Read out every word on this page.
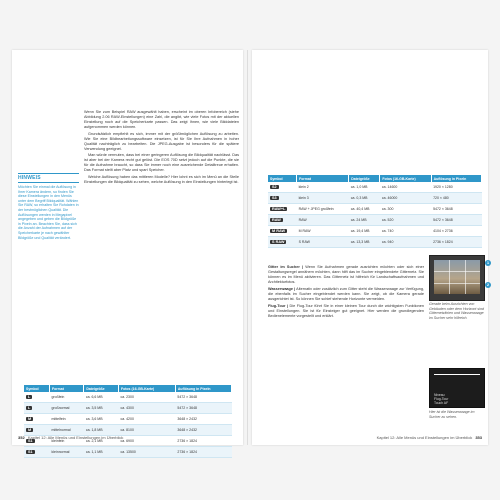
HINWEIS
Möchten Sie einmal die Auflösung in Ihrer Kamera ändern, so finden Sie diese Einstellungen in den Menüs unter dem Begriff Bildqualität. Wählen Sie RAW, so erhalten Sie Rohdaten in der bestmöglichen Qualität. Die Auflösungen werden in Megapixel angegeben und geben die Bildgröße in Pixeln an. Beachten Sie, dass sich die Anzahl der Aufnahmen auf der Speicherkarte je nach gewählter Bildgröße und Qualität verändert.

Wenn Sie zum Beispiel RAW ausgewählt haben, erscheint im oberen Infobereich (siehe Abbildung 2.06 RAW-Einstellungen) eine Zahl, die angibt, wie viele Fotos mit der aktuellen Einstellung noch auf die Speicherkarte passen. Das zeigt Ihnen, wie viele Bilddateien aufgenommen werden können.

Grundsätzlich empfiehlt es sich, immer mit der größtmöglichen Auflösung zu arbeiten. Wie Sie eine Bildbearbeitungssoftware einsetzen, ist für Sie Ihre Aufnahmen in hoher Qualität nachträglich zu bearbeiten. Die JPEG-Ausgabe ist besonders für die spätere Verwendung geeignet.

Man würde vermuten, dass bei einer geringeren Auflösung die Bildqualität nachlässt. Das ist aber bei der Kamera recht gut gelöst. Die EOS 70D setzt jedoch auf die Punkte, die sie für die Aufnahme braucht, so dass Sie immer noch eine ausreichende Detailtreue erhalten. Das Format stellt aber Platz und spart Speicher.

Welche Auflösung haben das mittleren Modelle? Hier lohnt es sich im Menü an die Stelle Einstellungen die Bildqualität zu sehen, welche Auflösung in den Einstellungen hinterlegt ist.

Symbol	Format	Dateigröße	Fotos (16-GB-Karte)	Auflösung in Pixeln
L	großfein	ca. 6,6 MB	ca. 2300	5472 × 3648
L	großnormal	ca. 3,5 MB	ca. 4300	5472 × 3648
M	mittelfein	ca. 3,6 MB	ca. 4200	3648 × 2432
M	mittelnormal	ca. 1,8 MB	ca. 8100	3648 × 2432
S1	kleinfein	ca. 2,1 MB	ca. 6900	2736 × 1824
S1	kleinnormal	ca. 1,1 MB	ca. 13500	2736 × 1824
352 Kapitel 12: Alle Menüs und Einstellungen im Überblick
Symbol	Format	Dateigröße	Fotos (16-GB-Karte)	Auflösung in Pixeln
S2	klein 2	ca. 1,0 MB	ca. 14600	1920 × 1280
S3	klein 3	ca. 0,3 MB	ca. 46000	720 × 480
RAW+L	RAW + JPEG großfein	ca. 40,4 MB	ca. 300	5472 × 3648
RAW	RAW	ca. 24 MB	ca. 520	5472 × 3648
M RAW	M RAW	ca. 19,4 MB	ca. 740	4104 × 2736
S RAW	S RAW	ca. 13,3 MB	ca. 940	2736 × 1824

Gitter im Sucher | Wenn Sie Aufnahmen gerade ausrichten möchten oder sich einer Gestaltungsregel annähern möchten, dann hilft das im Sucher eingeblendete Gitternetz. Sie können es im Menü aktivieren. Das Gitternetz ist hilfreich für Landschaftsaufnahmen und Architekturfotos.

Wasserwaage | Alternativ oder zusätzlich zum Gitter steht die Wasserwaage zur Verfügung, die ebenfalls im Sucher eingeblendet werden kann. Sie zeigt, ob die Kamera gerade ausgerichtet ist. So können Sie schief stehende Horizonte vermeiden.

Flug-Tour | Die Flug-Tour führt Sie in einer kleinen Tour durch die wichtigsten Funktionen und Einstellungen. Sie ist für Einsteiger gut geeignet. Hier werden die grundlegenden Bedienelemente vorgestellt und erklärt.

1
2
Gerade beim Ausrichten von Gebäuden oder dem Horizont sind Gitternetzlinien und Wasserwaage im Sucher sehr hilfreich.
Niveau
Flug-Tour
Touch AF
Hier ist die Wasserwaage im Sucher zu sehen.
Kapitel 12: Alle Menüs und Einstellungen im Überblick 353
